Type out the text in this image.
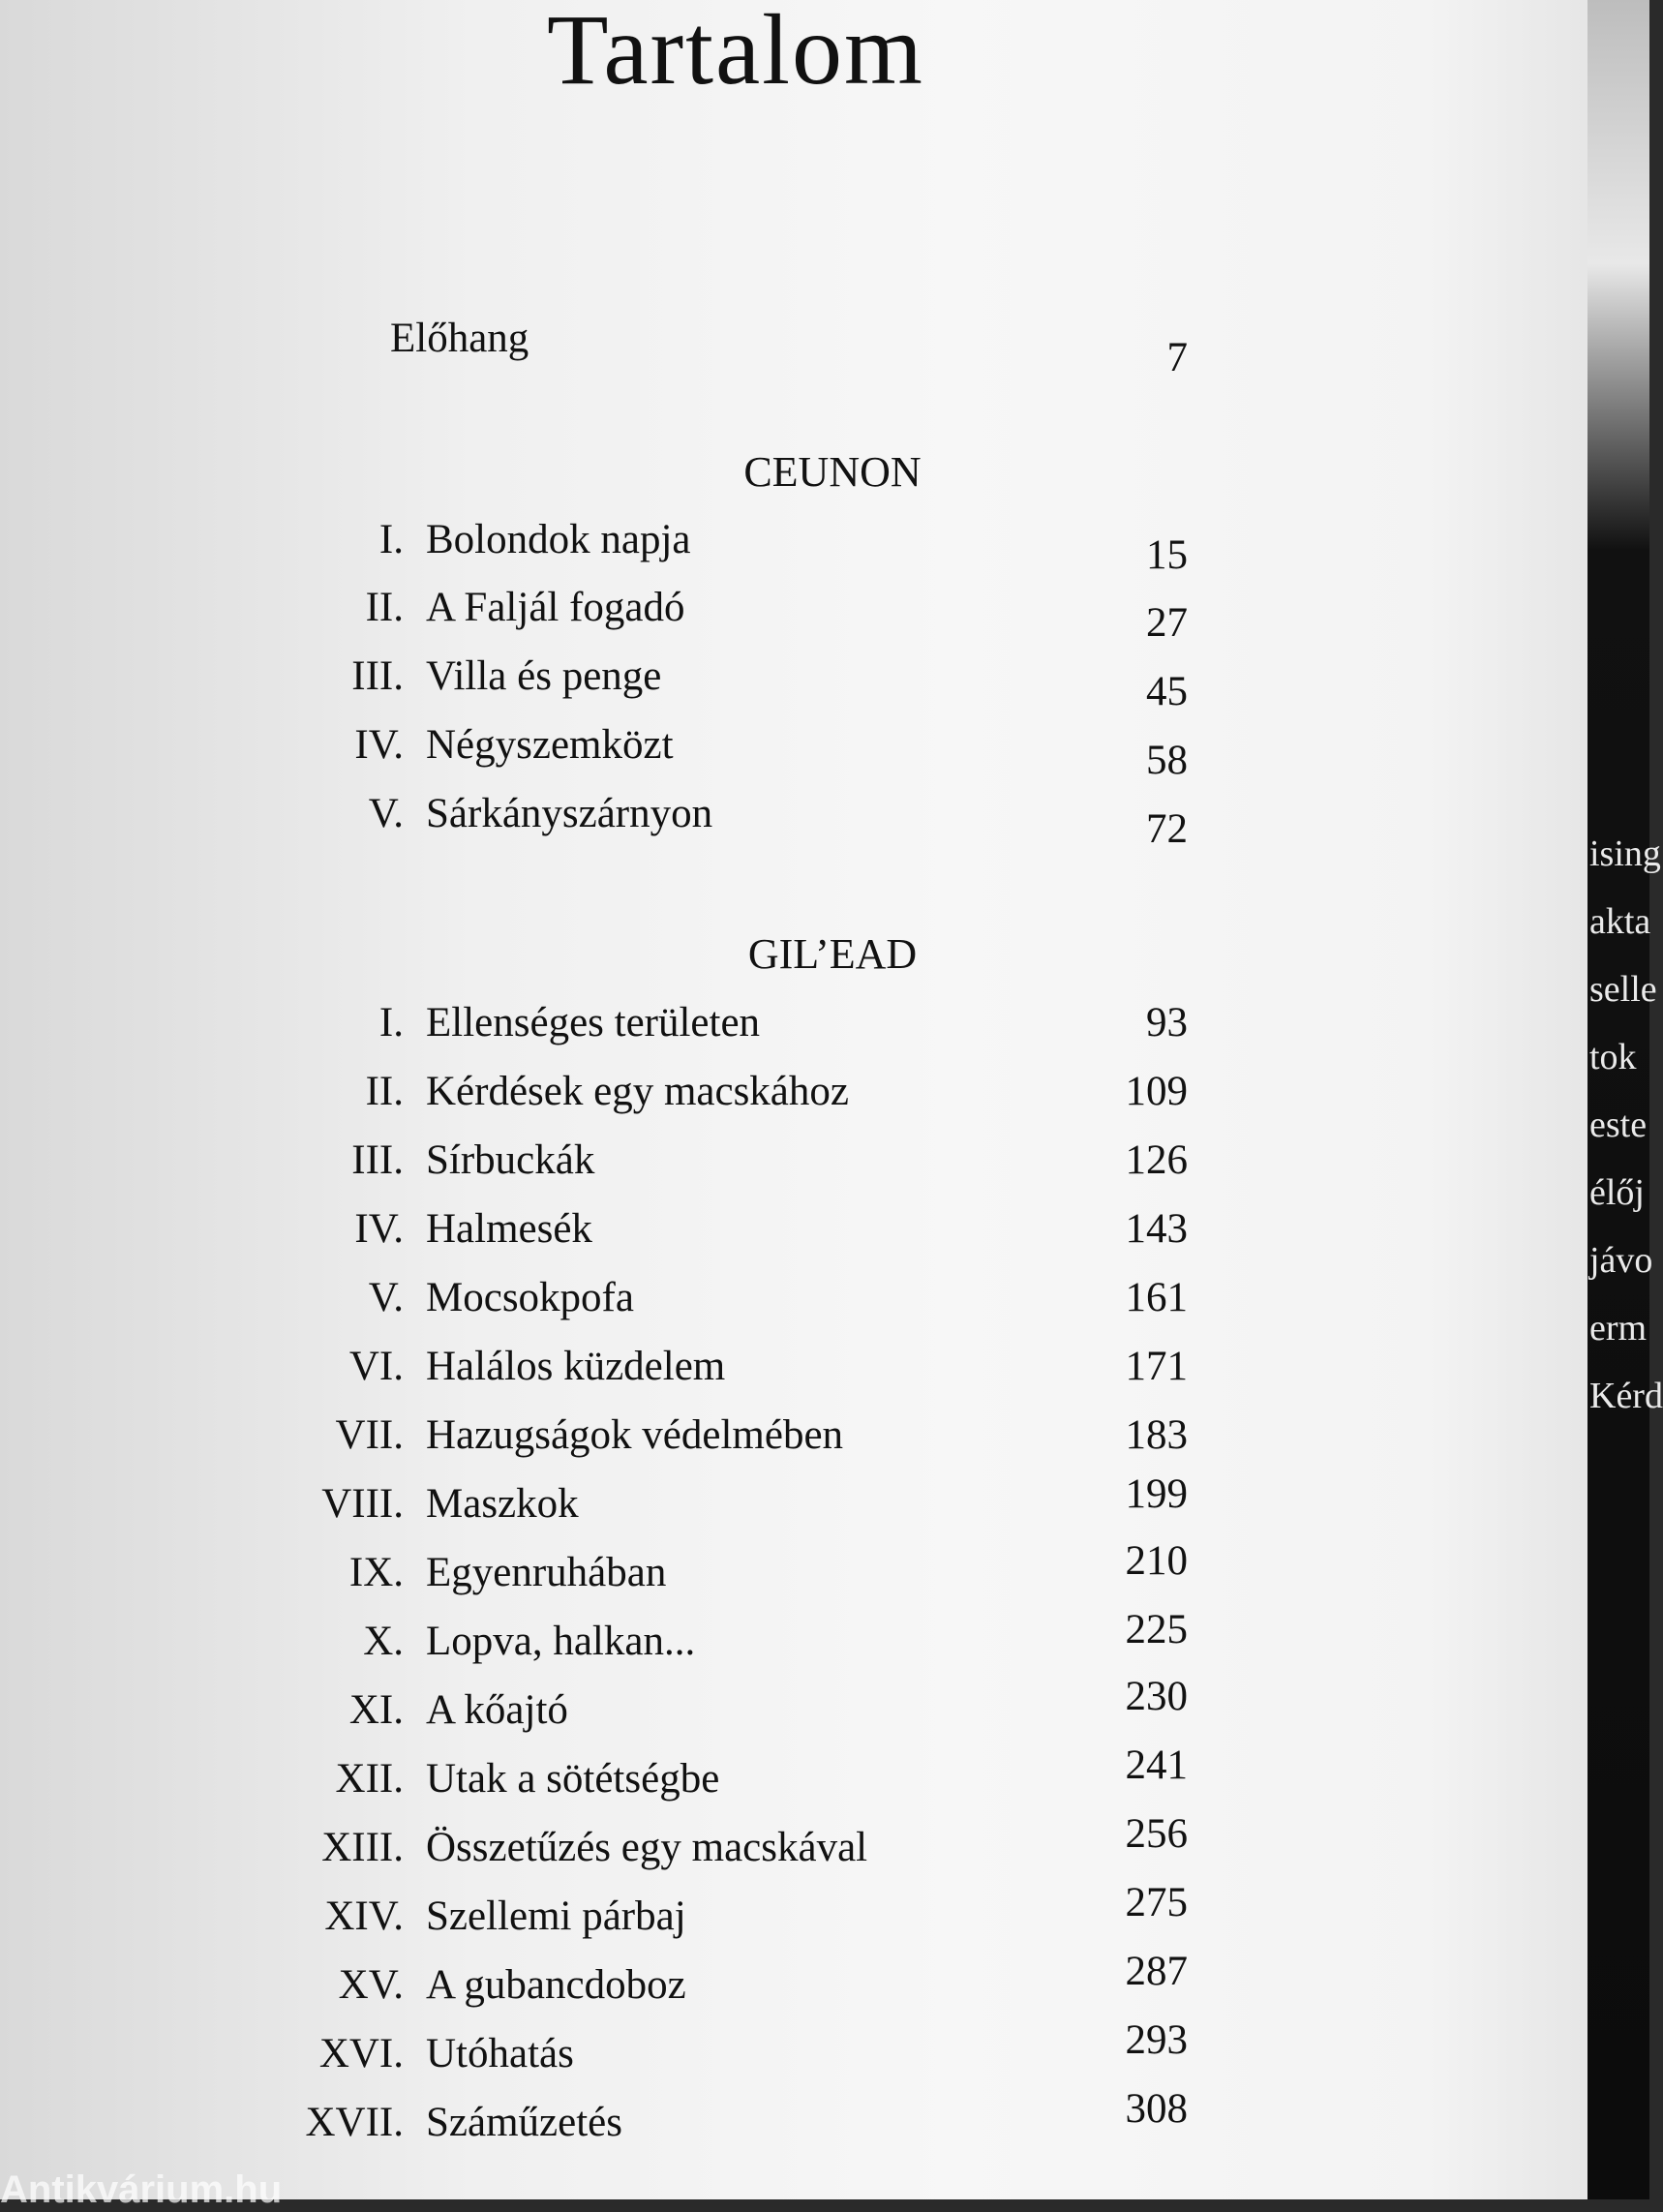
Tartalom
Előhang	7
CEUNON
I. Bolondok napja	15
II. A Faljál fogadó	27
III. Villa és penge	45
IV. Négyszemközt	58
V. Sárkányszárnyon	72
GIL’EAD
I. Ellenséges területen	93
II. Kérdések egy macskához	109
III. Sírbuckák	126
IV. Halmesék	143
V. Mocsokpofa	161
VI. Halálos küzdelem	171
VII. Hazugságok védelmében	183
VIII. Maszkok	199
IX. Egyenruhában	210
X. Lopva, halkan...	225
XI. A kőajtó	230
XII. Utak a sötétségbe	241
XIII. Összetűzés egy macskával	256
XIV. Szellemi párbaj	275
XV. A gubancdoboz	287
XVI. Utóhatás	293
XVII. Száműzetés	308
ising
akta
selle
tok
este
élőj
jávo
erm
Kérd
Antikvárium.hu
